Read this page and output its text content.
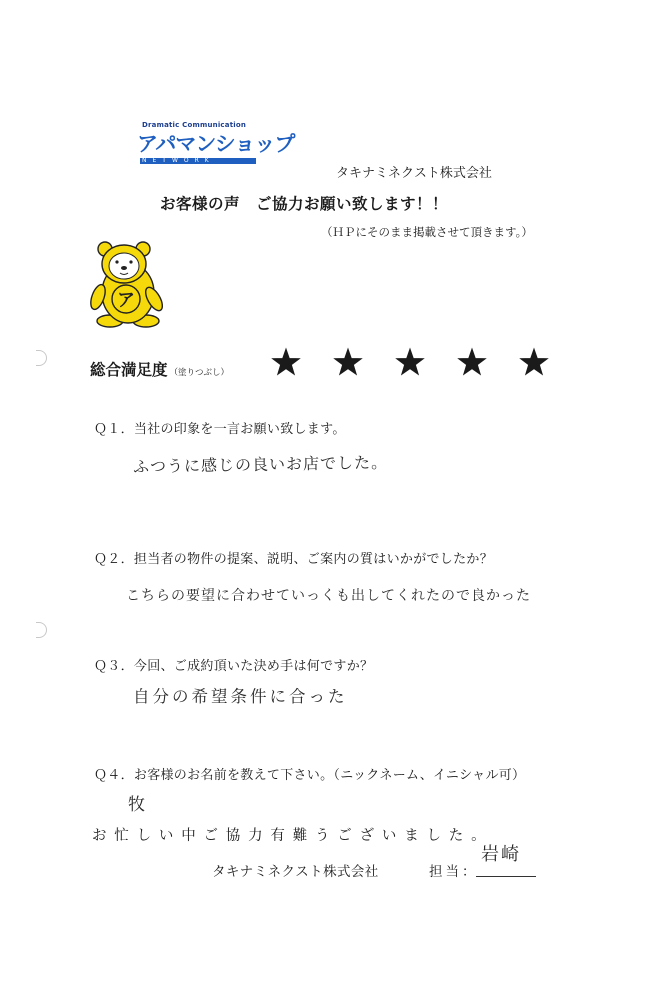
Dramatic Communication
アパマンショップ
NETWORK
タキナミネクスト株式会社
お客様の声　ご協力お願い致します！！
（ＨＰにそのまま掲載させて頂きます。）
ア
総合満足度 （塗りつぶし）
Ｑ１．当社の印象を一言お願い致します。
ふつうに感じの良いお店でした。
Ｑ２．担当者の物件の提案、説明、ご案内の質はいかがでしたか？
こちらの要望に合わせていっくも出してくれたので良かった
Ｑ３．今回、ご成約頂いた決め手は何ですか？
自分の希望条件に合った
Ｑ４．お客様のお名前を教えて下さい。（ニックネーム、イニシャル可）
牧
お忙しい中ご協力有難うございました。
タキナミネクスト株式会社	担当：
岩崎
